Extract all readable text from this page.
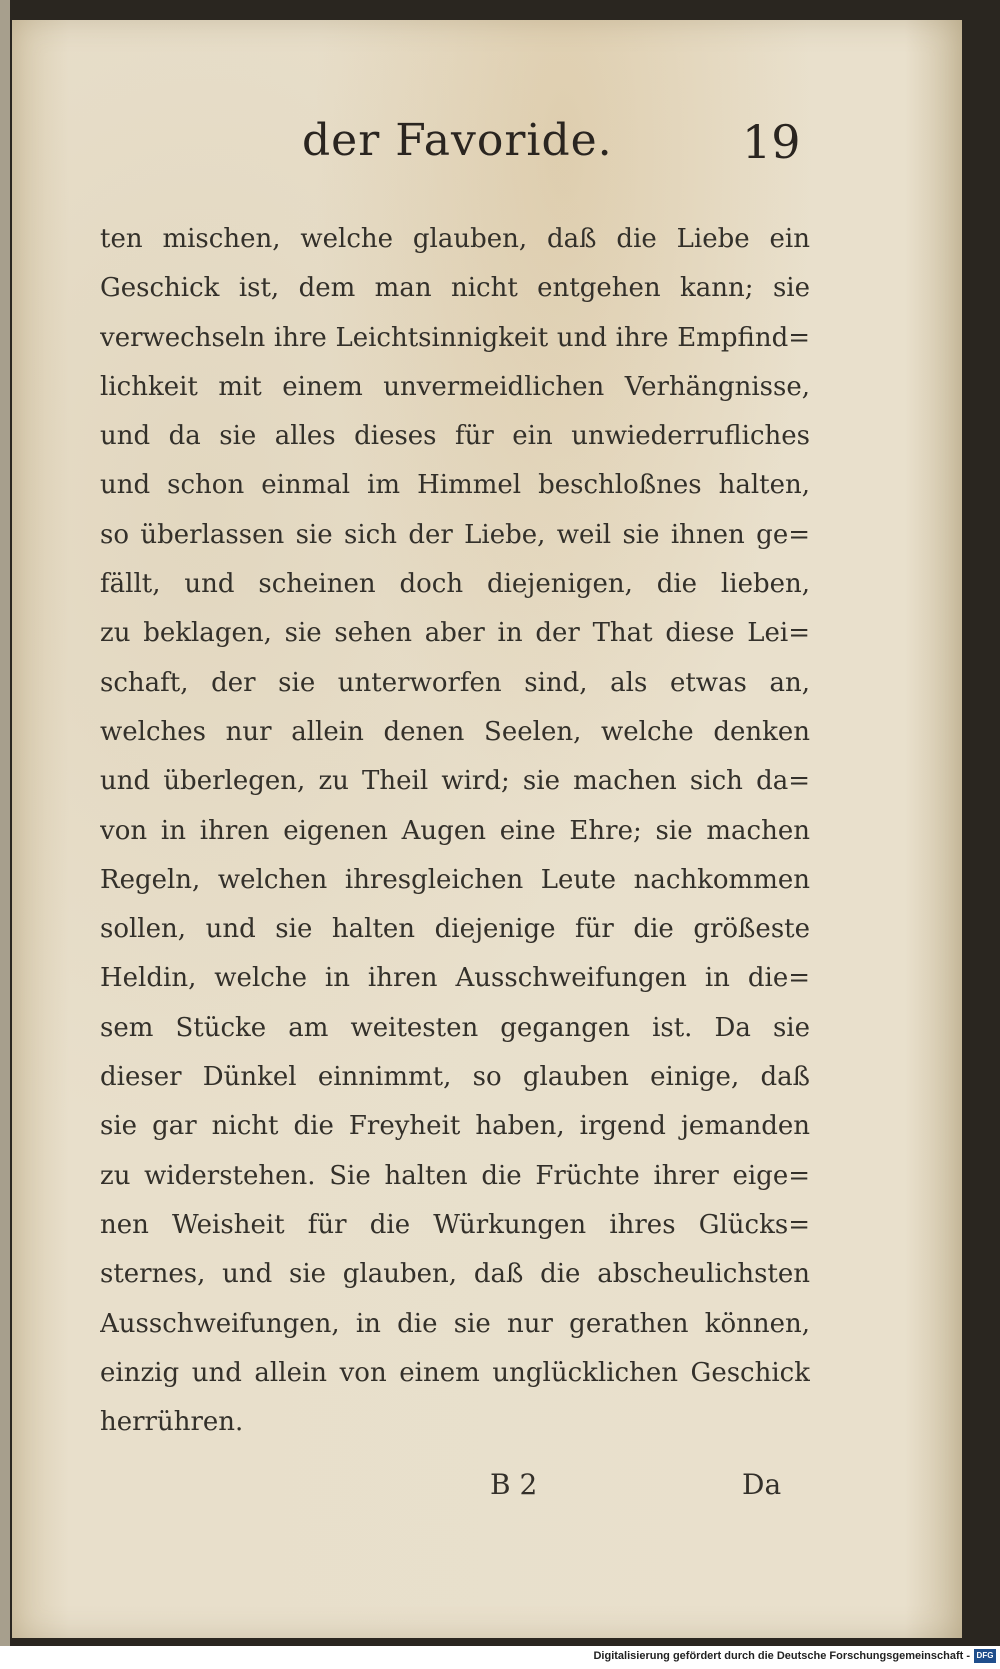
der Favoride.	19
ten mischen, welche glauben, daß die Liebe ein
Geschick ist, dem man nicht entgehen kann; sie
verwechseln ihre Leichtsinnigkeit und ihre Empfind=
lichkeit mit einem unvermeidlichen Verhängnisse,
und da sie alles dieses für ein unwiederrufliches
und schon einmal im Himmel beschloßnes halten,
so überlassen sie sich der Liebe, weil sie ihnen ge=
fällt, und scheinen doch diejenigen, die lieben,
zu beklagen, sie sehen aber in der That diese Lei=
schaft, der sie unterworfen sind, als etwas an,
welches nur allein denen Seelen, welche denken
und überlegen, zu Theil wird; sie machen sich da=
von in ihren eigenen Augen eine Ehre; sie machen
Regeln, welchen ihresgleichen Leute nachkommen
sollen, und sie halten diejenige für die größeste
Heldin, welche in ihren Ausschweifungen in die=
sem Stücke am weitesten gegangen ist. Da sie
dieser Dünkel einnimmt, so glauben einige, daß
sie gar nicht die Freyheit haben, irgend jemanden
zu widerstehen. Sie halten die Früchte ihrer eige=
nen Weisheit für die Würkungen ihres Glücks=
sternes, und sie glauben, daß die abscheulichsten
Ausschweifungen, in die sie nur gerathen können,
einzig und allein von einem unglücklichen Geschick
herrühren.
B 2	Da
Digitalisierung gefördert durch die Deutsche Forschungsgemeinschaft - DFG
